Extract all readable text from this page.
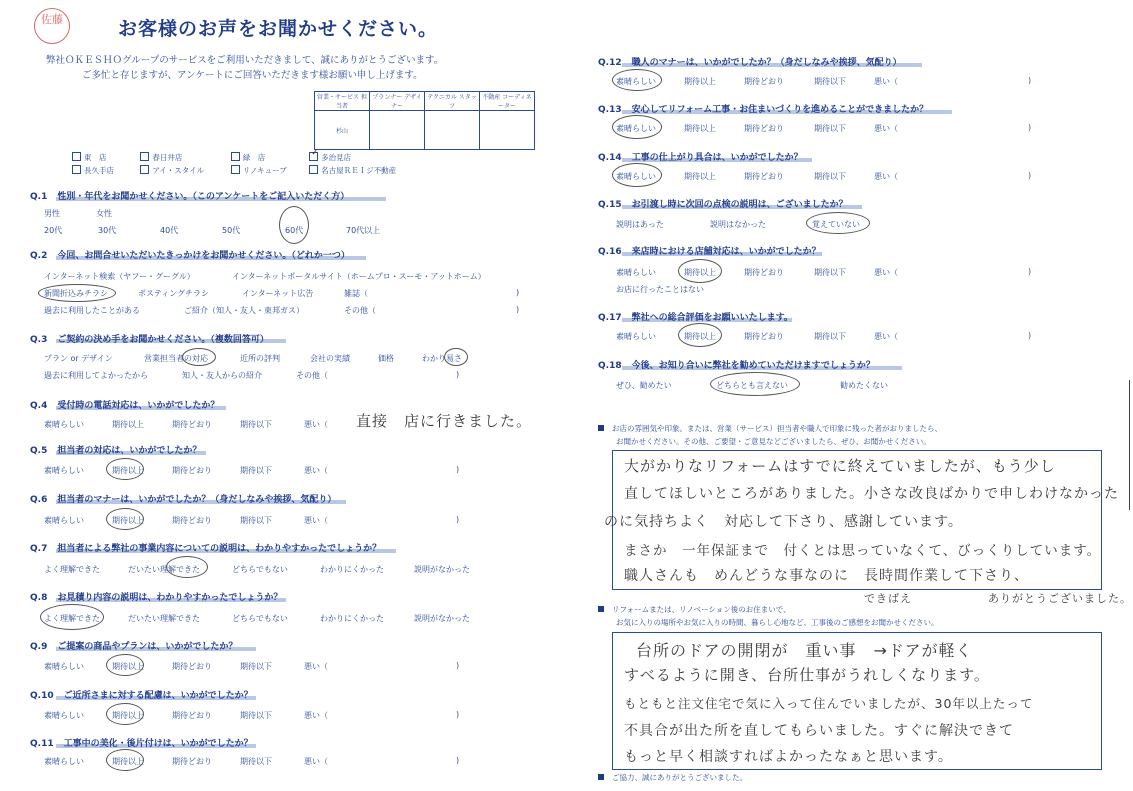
佐藤	お客様のお声をお聞かせください。
弊社ＯＫＥＳＨＯグループのサービスをご利用いただきまして、誠にありがとうございます。
ご多忙と存じますが、アンケートにご回答いただきます様お願い申し上げます。
営業・サービス 担当者	プランナー デザイナー	テクニカル スタッフ	不動産 コーディネーター
杉山			
東　店	春日井店	緑　店	✓ 多治見店
長久手店	アイ・スタイル	リノキューブ	名古屋ＲＥＩジ不動産
Q.1 性別・年代をお聞かせください。（このアンケートをご記入いただく方）
男性	女性
20代	30代	40代	50代	60代	70代以上
Q.2 今回、お問合せいただいたきっかけをお聞かせください。（どれか一つ）
インターネット検索（ヤフー・グーグル）	インターネットポータルサイト（ホームプロ・スーモ・アットホーム）
新聞折込みチラシ	ポスティングチラシ	インターネット広告	雑誌（	)
過去に利用したことがある	ご紹介（知人・友人・東邦ガス）	その他（	)
Q.3 ご契約の決め手をお聞かせください。（複数回答可）
プラン or デザイン	営業担当者の対応	近所の評判	会社の実績	価格	わかり易さ
過去に利用してよかったから	知人・友人からの紹介	その他（	)
Q.4 受付時の電話対応は、いかがでしたか？
素晴らしい	期待以上	期待どおり	期待以下	悪い（ 直接　店に行きました。
Q.5 担当者の対応は、いかがでしたか？
素晴らしい	期待以上	期待どおり	期待以下	悪い（	)
Q.6 担当者のマナーは、いかがでしたか？（身だしなみや挨拶、気配り）
素晴らしい	期待以上	期待どおり	期待以下	悪い（	)
Q.7 担当者による弊社の事業内容についての説明は、わかりやすかったでしょうか？
よく理解できた	だいたい理解できた	どちらでもない	わかりにくかった	説明がなかった
Q.8 お見積り内容の説明は、わかりやすかったでしょうか？
よく理解できた	だいたい理解できた	どちらでもない	わかりにくかった	説明がなかった
Q.9 ご提案の商品やプランは、いかがでしたか？
素晴らしい	期待以上	期待どおり	期待以下	悪い（	)
Q.10 ご近所さまに対する配慮は、いかがでしたか？
素晴らしい	期待以上	期待どおり	期待以下	悪い（	)
Q.11 工事中の美化・後片付けは、いかがでしたか？
素晴らしい	期待以上	期待どおり	期待以下	悪い（	)
Q.12 職人のマナーは、いかがでしたか？（身だしなみや挨拶、気配り）
素晴らしい	期待以上	期待どおり	期待以下	悪い（	)
Q.13 安心してリフォーム工事・お住まいづくりを進めることができましたか？
素晴らしい	期待以上	期待どおり	期待以下	悪い（	)
Q.14 工事の仕上がり具合は、いかがでしたか？
素晴らしい	期待以上	期待どおり	期待以下	悪い（	)
Q.15 お引渡し時に次回の点検の説明は、ございましたか？
説明はあった	説明はなかった	覚えていない
Q.16 来店時における店舗対応は、いかがでしたか？
素晴らしい	期待以上	期待どおり	期待以下	悪い（	)
お店に行ったことはない
Q.17 弊社への総合評価をお願いいたします。
素晴らしい	期待以上	期待どおり	期待以下	悪い（	)
Q.18 今後、お知り合いに弊社を勧めていただけますでしょうか？
ぜひ、勧めたい	どちらとも言えない	勧めたくない
お店の雰囲気や印象。または、営業（サービス）担当者や職人で印象に残った者がおりましたら、
お聞かせください。その他、ご要望・ご意見などございましたら、ぜひ、お聞かせください。
大がかりなリフォームはすでに終えていましたが、もう少し
直してほしいところがありました。小さな改良ばかりで申しわけなかった
のに気持ちよく　対応して下さり、感謝しています。
まさか　一年保証まで　付くとは思っていなくて、びっくりしています。
職人さんも　めんどうな事なのに　長時間作業して下さり、
できばえ	ありがとうございました。
リフォームまたは、リノベーション後のお住まいで、
お気に入りの場所やお気に入りの時間、暮らし心地など、工事後のご感想をお聞かせください。
台所のドアの開閉が　重い事　→ドアが軽く
すべるように開き、台所仕事がうれしくなります。
もともと注文住宅で気に入って住んでいましたが、30年以上たって
不具合が出た所を直してもらいました。すぐに解決できて
もっと早く相談すればよかったなぁと思います。
ご協力、誠にありがとうございました。
